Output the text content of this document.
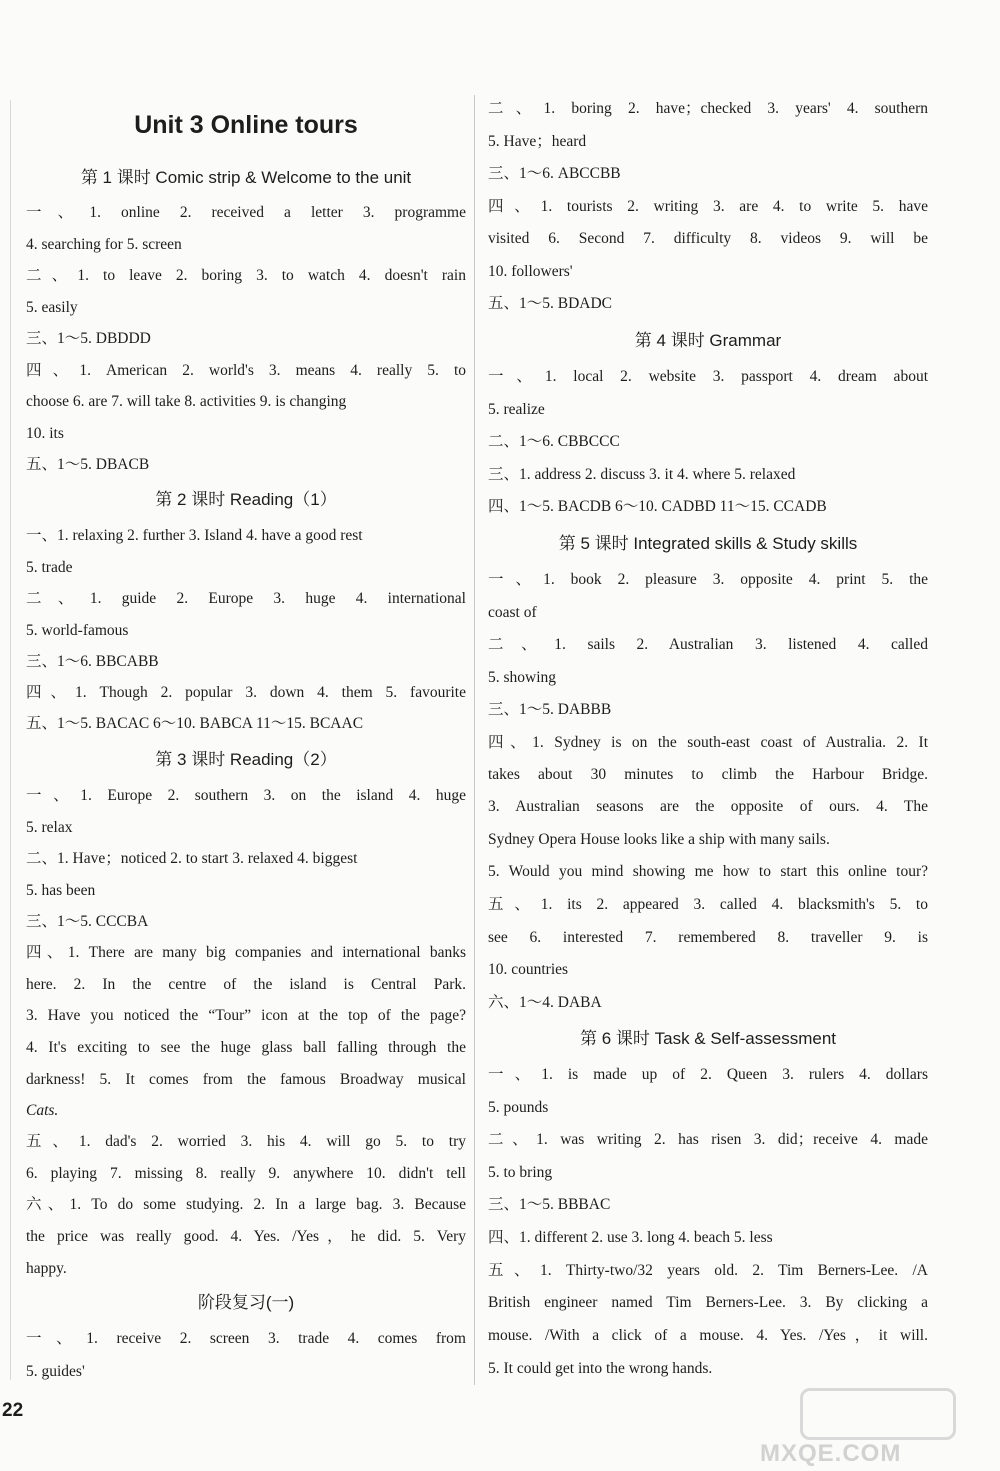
Unit 3 Online tours
第 1 课时 Comic strip & Welcome to the unit
一、1. online 2. received a letter 3. programme
4. searching for 5. screen
二、1. to leave 2. boring 3. to watch 4. doesn't rain
5. easily
三、1～5. DBDDD
四、1. American 2. world's 3. means 4. really 5. to
choose 6. are 7. will take 8. activities 9. is changing
10. its
五、1～5. DBACB
第 2 课时 Reading（1）
一、1. relaxing 2. further 3. Island 4. have a good rest
5. trade
二、1. guide 2. Europe 3. huge 4. international
5. world-famous
三、1～6. BBCABB
四、1. Though 2. popular 3. down 4. them 5. favourite
五、1～5. BACAC 6～10. BABCA 11～15. BCAAC
第 3 课时 Reading（2）
一、1. Europe 2. southern 3. on the island 4. huge
5. relax
二、1. Have；noticed 2. to start 3. relaxed 4. biggest
5. has been
三、1～5. CCCBA
四、1. There are many big companies and international banks
here. 2. In the centre of the island is Central Park.
3. Have you noticed the “Tour” icon at the top of the page?
4. It's exciting to see the huge glass ball falling through the
darkness! 5. It comes from the famous Broadway musical
Cats.
五、1. dad's 2. worried 3. his 4. will go 5. to try
6. playing 7. missing 8. really 9. anywhere 10. didn't tell
六、1. To do some studying. 2. In a large bag. 3. Because
the price was really good. 4. Yes. /Yes，he did. 5. Very
happy.
阶段复习(一)
一、1. receive 2. screen 3. trade 4. comes from
5. guides'
二、1. boring 2. have；checked 3. years' 4. southern
5. Have；heard
三、1～6. ABCCBB
四、1. tourists 2. writing 3. are 4. to write 5. have
visited 6. Second 7. difficulty 8. videos 9. will be
10. followers'
五、1～5. BDADC
第 4 课时 Grammar
一、1. local 2. website 3. passport 4. dream about
5. realize
二、1～6. CBBCCC
三、1. address 2. discuss 3. it 4. where 5. relaxed
四、1～5. BACDB 6～10. CADBD 11～15. CCADB
第 5 课时 Integrated skills & Study skills
一、1. book 2. pleasure 3. opposite 4. print 5. the
coast of
二、1. sails 2. Australian 3. listened 4. called
5. showing
三、1～5. DABBB
四、1. Sydney is on the south-east coast of Australia. 2. It
takes about 30 minutes to climb the Harbour Bridge.
3. Australian seasons are the opposite of ours. 4. The
Sydney Opera House looks like a ship with many sails.
5. Would you mind showing me how to start this online tour?
五、1. its 2. appeared 3. called 4. blacksmith's 5. to
see 6. interested 7. remembered 8. traveller 9. is
10. countries
六、1～4. DABA
第 6 课时 Task & Self-assessment
一、1. is made up of 2. Queen 3. rulers 4. dollars
5. pounds
二、1. was writing 2. has risen 3. did；receive 4. made
5. to bring
三、1～5. BBBAC
四、1. different 2. use 3. long 4. beach 5. less
五、1. Thirty-two/32 years old. 2. Tim Berners-Lee. /A
British engineer named Tim Berners-Lee. 3. By clicking a
mouse. /With a click of a mouse. 4. Yes. /Yes，it will.
5. It could get into the wrong hands.
22
MXQE.COM
